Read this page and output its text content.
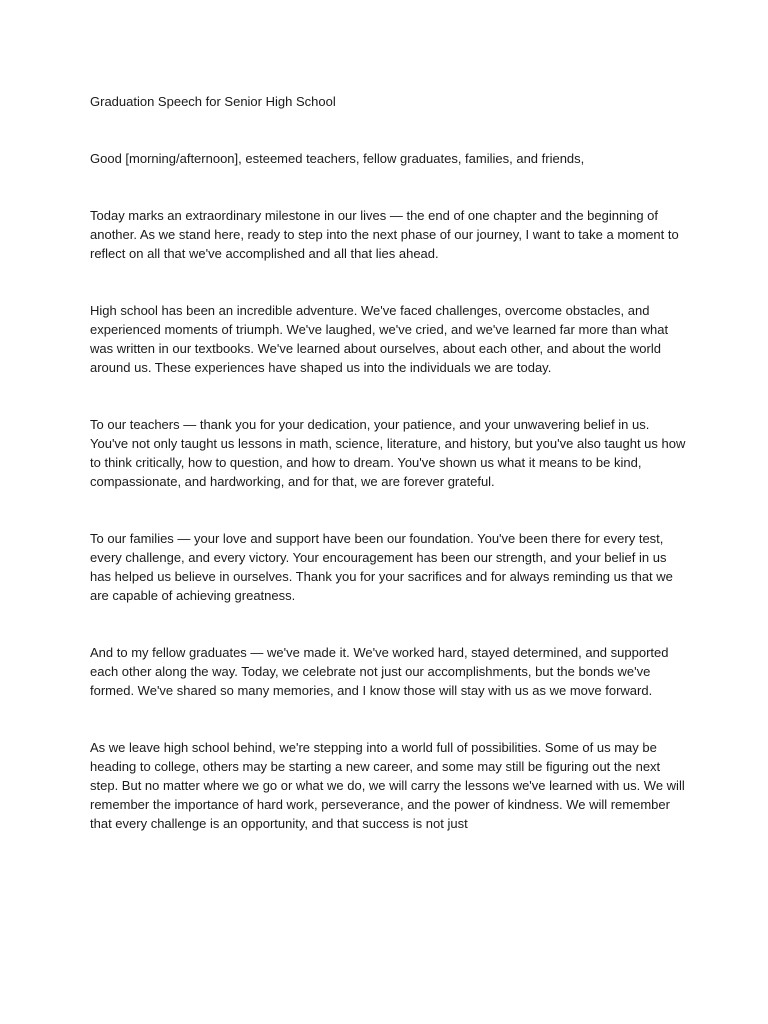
Graduation Speech for Senior High School

Good [morning/afternoon], esteemed teachers, fellow graduates, families, and friends,

Today marks an extraordinary milestone in our lives — the end of one chapter and the beginning of another. As we stand here, ready to step into the next phase of our journey, I want to take a moment to reflect on all that we've accomplished and all that lies ahead.

High school has been an incredible adventure. We've faced challenges, overcome obstacles, and experienced moments of triumph. We've laughed, we've cried, and we've learned far more than what was written in our textbooks. We've learned about ourselves, about each other, and about the world around us. These experiences have shaped us into the individuals we are today.

To our teachers — thank you for your dedication, your patience, and your unwavering belief in us. You've not only taught us lessons in math, science, literature, and history, but you've also taught us how to think critically, how to question, and how to dream. You've shown us what it means to be kind, compassionate, and hardworking, and for that, we are forever grateful.

To our families — your love and support have been our foundation. You've been there for every test, every challenge, and every victory. Your encouragement has been our strength, and your belief in us has helped us believe in ourselves. Thank you for your sacrifices and for always reminding us that we are capable of achieving greatness.

And to my fellow graduates — we've made it. We've worked hard, stayed determined, and supported each other along the way. Today, we celebrate not just our accomplishments, but the bonds we've formed. We've shared so many memories, and I know those will stay with us as we move forward.

As we leave high school behind, we're stepping into a world full of possibilities. Some of us may be heading to college, others may be starting a new career, and some may still be figuring out the next step. But no matter where we go or what we do, we will carry the lessons we've learned with us. We will remember the importance of hard work, perseverance, and the power of kindness. We will remember that every challenge is an opportunity, and that success is not just
